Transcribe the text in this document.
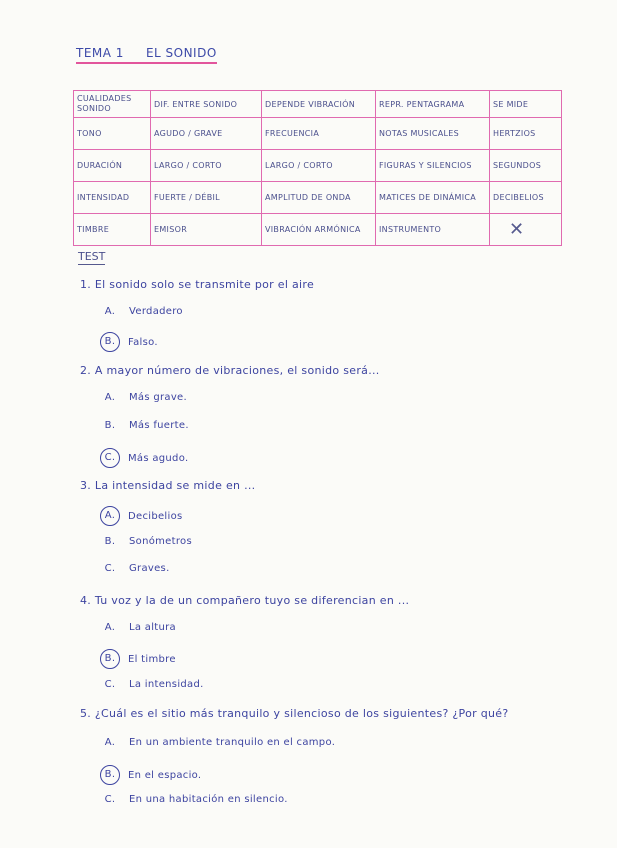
TEMA 1 EL SONIDO
CUALIDADES SONIDO	DIF. ENTRE SONIDO	DEPENDE VIBRACIÓN	REPR. PENTAGRAMA	SE MIDE
TONO	AGUDO / GRAVE	FRECUENCIA	NOTAS MUSICALES	HERTZIOS
DURACIÓN	LARGO / CORTO	LARGO / CORTO	FIGURAS Y SILENCIOS	SEGUNDOS
INTENSIDAD	FUERTE / DÉBIL	AMPLITUD DE ONDA	MATICES DE DINÁMICA	DECIBELIOS
TIMBRE	EMISOR	VIBRACIÓN ARMÓNICA	INSTRUMENTO	✕
TEST
1. El sonido solo se transmite por el aire
A. Verdadero
B.	Falso.
2. A mayor número de vibraciones, el sonido será...
A. Más grave.
B. Más fuerte.
C.	Más agudo.
3. La intensidad se mide en ...
A.	Decibelios
B. Sonómetros
C. Graves.
4. Tu voz y la de un compañero tuyo se diferencian en ...
A. La altura
B.	El timbre
C. La intensidad.
5. ¿Cuál es el sitio más tranquilo y silencioso de los siguientes? ¿Por qué?
A. En un ambiente tranquilo en el campo.
B.	En el espacio.
C. En una habitación en silencio.
